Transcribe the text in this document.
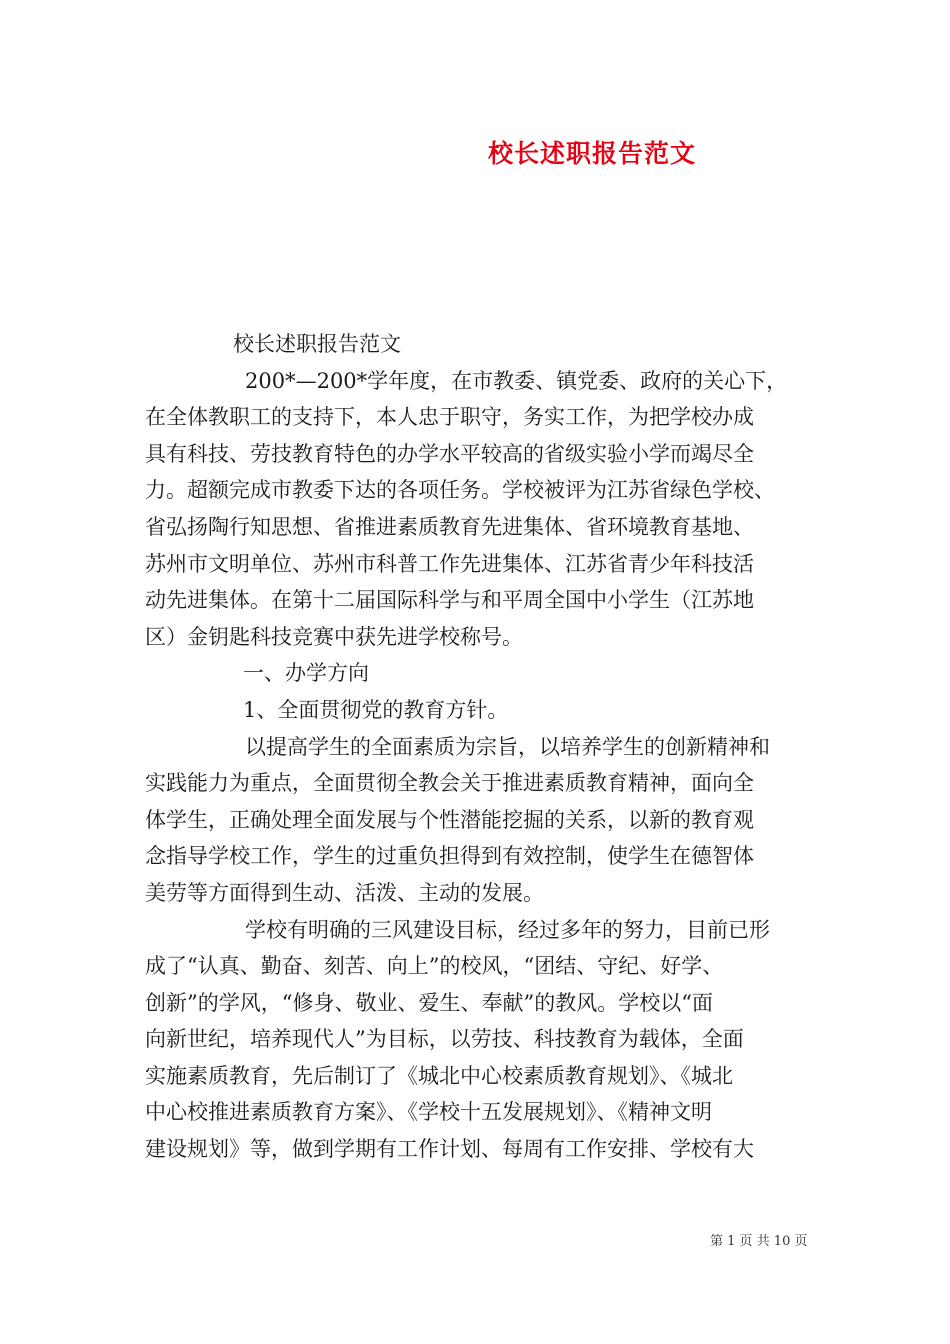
校长述职报告范文
校长述职报告范文
200*—200*学年度，在市教委、镇党委、政府的关心下，
在全体教职工的支持下，本人忠于职守，务实工作，为把学校办成
具有科技、劳技教育特色的办学水平较高的省级实验小学而竭尽全
力。超额完成市教委下达的各项任务。学校被评为江苏省绿色学校、
省弘扬陶行知思想、省推进素质教育先进集体、省环境教育基地、
苏州市文明单位、苏州市科普工作先进集体、江苏省青少年科技活
动先进集体。在第十二届国际科学与和平周全国中小学生（江苏地
区）金钥匙科技竞赛中获先进学校称号。
一、办学方向
1、全面贯彻党的教育方针。
以提高学生的全面素质为宗旨，以培养学生的创新精神和
实践能力为重点，全面贯彻全教会关于推进素质教育精神，面向全
体学生，正确处理全面发展与个性潜能挖掘的关系，以新的教育观
念指导学校工作，学生的过重负担得到有效控制，使学生在德智体
美劳等方面得到生动、活泼、主动的发展。
学校有明确的三风建设目标，经过多年的努力，目前已形
成了“认真、勤奋、刻苦、向上”的校风，“团结、守纪、好学、
创新”的学风，“修身、敬业、爱生、奉献”的教风。学校以“面
向新世纪，培养现代人”为目标，以劳技、科技教育为载体，全面
实施素质教育，先后制订了《城北中心校素质教育规划》、《城北
中心校推进素质教育方案》、《学校十五发展规划》、《精神文明
建设规划》等，做到学期有工作计划、每周有工作安排、学校有大
第 1 页 共 10 页
